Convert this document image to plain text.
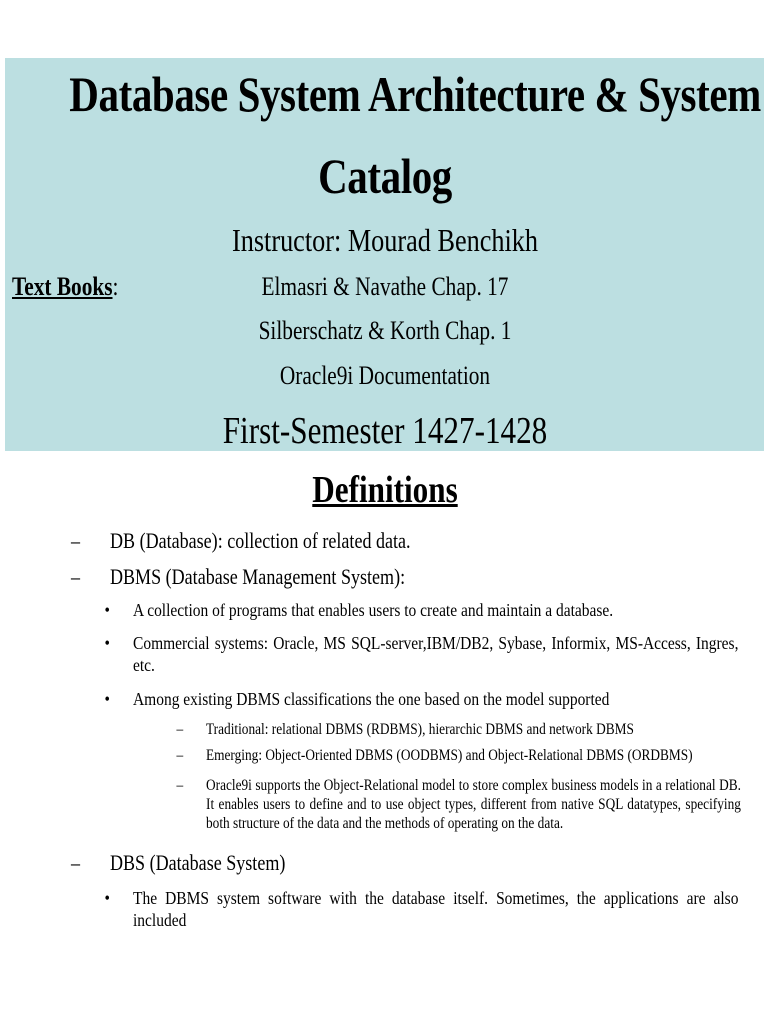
Database System Architecture & System
Catalog
Instructor: Mourad Benchikh
Text Books:	Elmasri & Navathe Chap. 17
Silberschatz & Korth Chap. 1
Oracle9i Documentation
First-Semester 1427-1428
Definitions
– DB (Database): collection of related data.
– DBMS (Database Management System):
• A collection of programs that enables users to create and maintain a database.
• Commercial systems: Oracle, MS SQL-server,IBM/DB2, Sybase, Informix, MS-Access, Ingres, etc.
• Among existing DBMS classifications the one based on the model supported
– Traditional: relational DBMS (RDBMS), hierarchic DBMS and network DBMS
– Emerging: Object-Oriented DBMS (OODBMS) and Object-Relational DBMS (ORDBMS)
– Oracle9i supports the Object-Relational model to store complex business models in a relational DB. It enables users to define and to use object types, different from native SQL datatypes, specifying both structure of the data and the methods of operating on the data.
– DBS (Database System)
• The DBMS system software with the database itself. Sometimes, the applications are also included
